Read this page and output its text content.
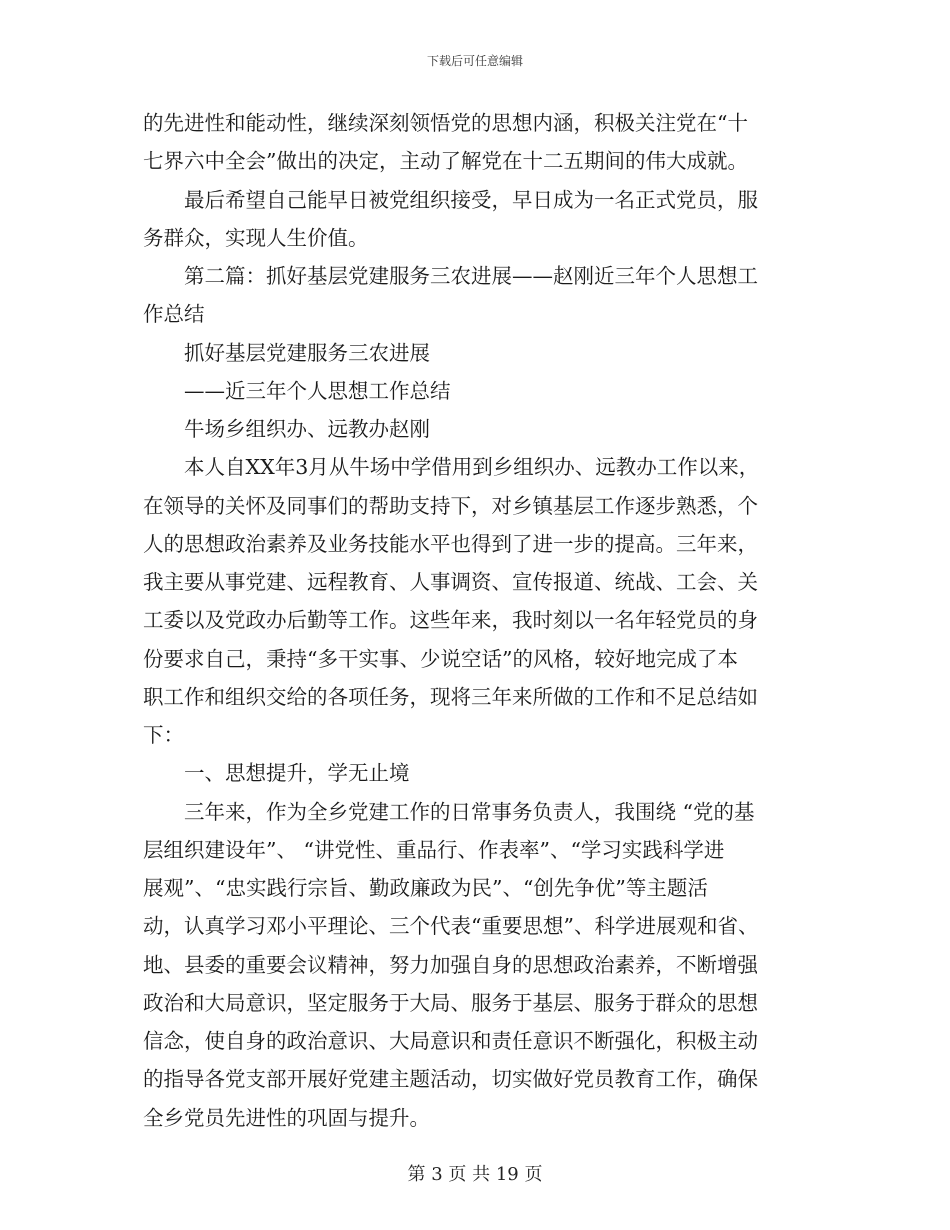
下载后可任意编辑
的先进性和能动性，继续深刻领悟党的思想内涵，积极关注党在“十
七界六中全会”做出的决定，主动了解党在十二五期间的伟大成就。
最后希望自己能早日被党组织接受，早日成为一名正式党员，服
务群众，实现人生价值。
第二篇：抓好基层党建服务三农进展——赵刚近三年个人思想工
作总结
抓好基层党建服务三农进展
——近三年个人思想工作总结
牛场乡组织办、远教办赵刚
本人自XX年3月从牛场中学借用到乡组织办、远教办工作以来，
在领导的关怀及同事们的帮助支持下，对乡镇基层工作逐步熟悉，个
人的思想政治素养及业务技能水平也得到了进一步的提高。三年来，
我主要从事党建、远程教育、人事调资、宣传报道、统战、工会、关
工委以及党政办后勤等工作。这些年来，我时刻以一名年轻党员的身
份要求自己，秉持“多干实事、少说空话”的风格，较好地完成了本
职工作和组织交给的各项任务，现将三年来所做的工作和不足总结如
下：
一、思想提升，学无止境
三年来，作为全乡党建工作的日常事务负责人，我围绕 “党的基
层组织建设年”、 “讲党性、重品行、作表率”、“学习实践科学进
展观”、“忠实践行宗旨、勤政廉政为民”、“创先争优”等主题活
动，认真学习邓小平理论、三个代表“重要思想”、科学进展观和省、
地、县委的重要会议精神，努力加强自身的思想政治素养，不断增强
政治和大局意识，坚定服务于大局、服务于基层、服务于群众的思想
信念，使自身的政治意识、大局意识和责任意识不断强化，积极主动
的指导各党支部开展好党建主题活动，切实做好党员教育工作，确保
全乡党员先进性的巩固与提升。
第 3 页 共 19 页
